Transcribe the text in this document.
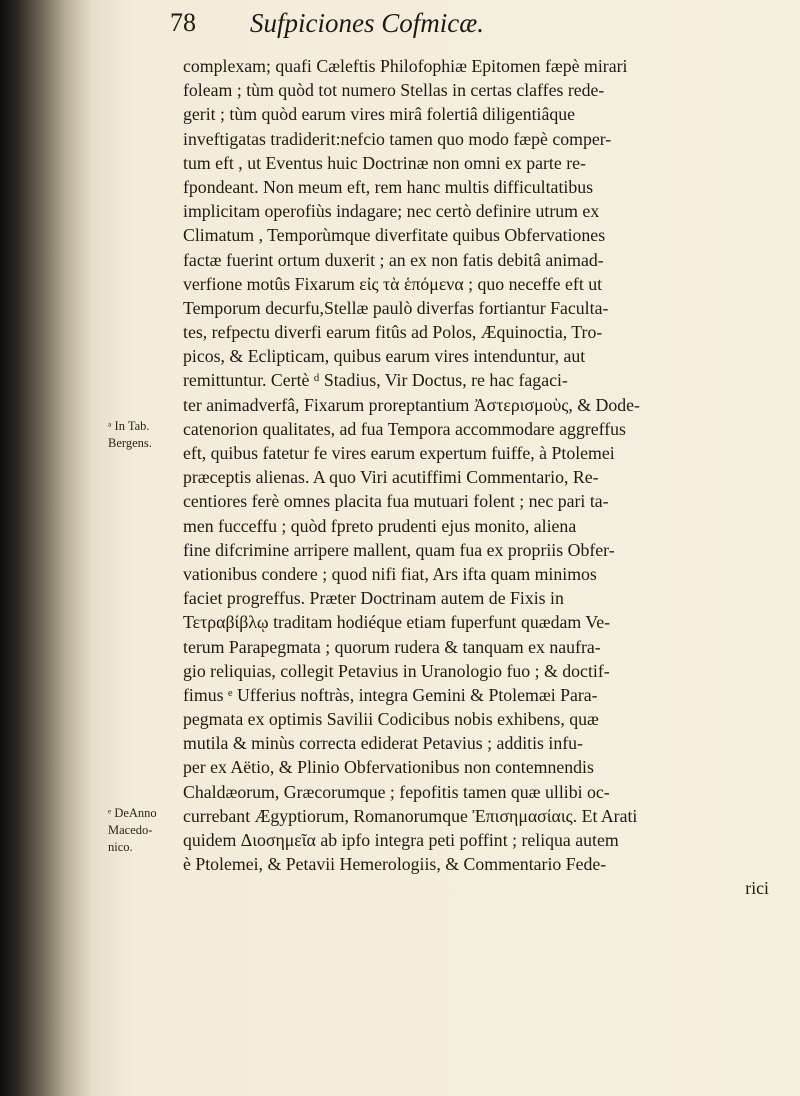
78 Sufpiciones Cofmicæ.
ᵃ In Tab.
Bergens.
ᵉ DeAnno
Macedo-
nico.
complexam; quafi Cæleftis Philofophiæ Epitomen fæpè mirari
foleam ; tùm quòd tot numero Stellas in certas claffes rede-
gerit ; tùm quòd earum vires mirâ folertiâ diligentiâque
inveftigatas tradiderit:nefcio tamen quo modo fæpè comper-
tum eft , ut Eventus huic Doctrinæ non omni ex parte re-
fpondeant. Non meum eft, rem hanc multis difficultatibus
implicitam operofiùs indagare; nec certò definire utrum ex
Climatum , Temporùmque diverfitate quibus Obfervationes
factæ fuerint ortum duxerit ; an ex non fatis debitâ animad-
verfione motûs Fixarum εἰς τὰ ἑπόμενα ; quo neceffe eft ut
Temporum decurfu,Stellæ paulò diverfas fortiantur Faculta-
tes, refpectu diverfi earum fitûs ad Polos, Æquinoctia, Tro-
picos, & Eclipticam, quibus earum vires intenduntur, aut
remittuntur. Certè ᵈ Stadius, Vir Doctus, re hac fagaci-
ter animadverfâ, Fixarum proreptantium Ἀστερισμοὺς, & Dode-
catenorion qualitates, ad fua Tempora accommodare aggreffus
eft, quibus fatetur fe vires earum expertum fuiffe, à Ptolemei
præceptis alienas. A quo Viri acutiffimi Commentario, Re-
centiores ferè omnes placita fua mutuari folent ; nec pari ta-
men fucceffu ; quòd fpreto prudenti ejus monito, aliena
fine difcrimine arripere mallent, quam fua ex propriis Obfer-
vationibus condere ; quod nifi fiat, Ars ifta quam minimos
faciet progreffus. Præter Doctrinam autem de Fixis in
Τετραβίβλῳ traditam hodiéque etiam fuperfunt quædam Ve-
terum Parapegmata ; quorum rudera & tanquam ex naufra-
gio reliquias, collegit Petavius in Uranologio fuo ; & doctif-
fimus ᵉ Ufferius noftràs, integra Gemini & Ptolemæi Para-
pegmata ex optimis Savilii Codicibus nobis exhibens, quæ
mutila & minùs correcta ediderat Petavius ; additis infu-
per ex Aëtio, & Plinio Obfervationibus non contemnendis
Chaldæorum, Græcorumque ; fepofitis tamen quæ ullibi oc-
currebant Ægyptiorum, Romanorumque Ἐπισημασίαις. Et Arati
quidem Διοσημεῖα ab ipfo integra peti poffint ; reliqua autem
è Ptolemei, & Petavii Hemerologiis, & Commentario Fede-
rici
